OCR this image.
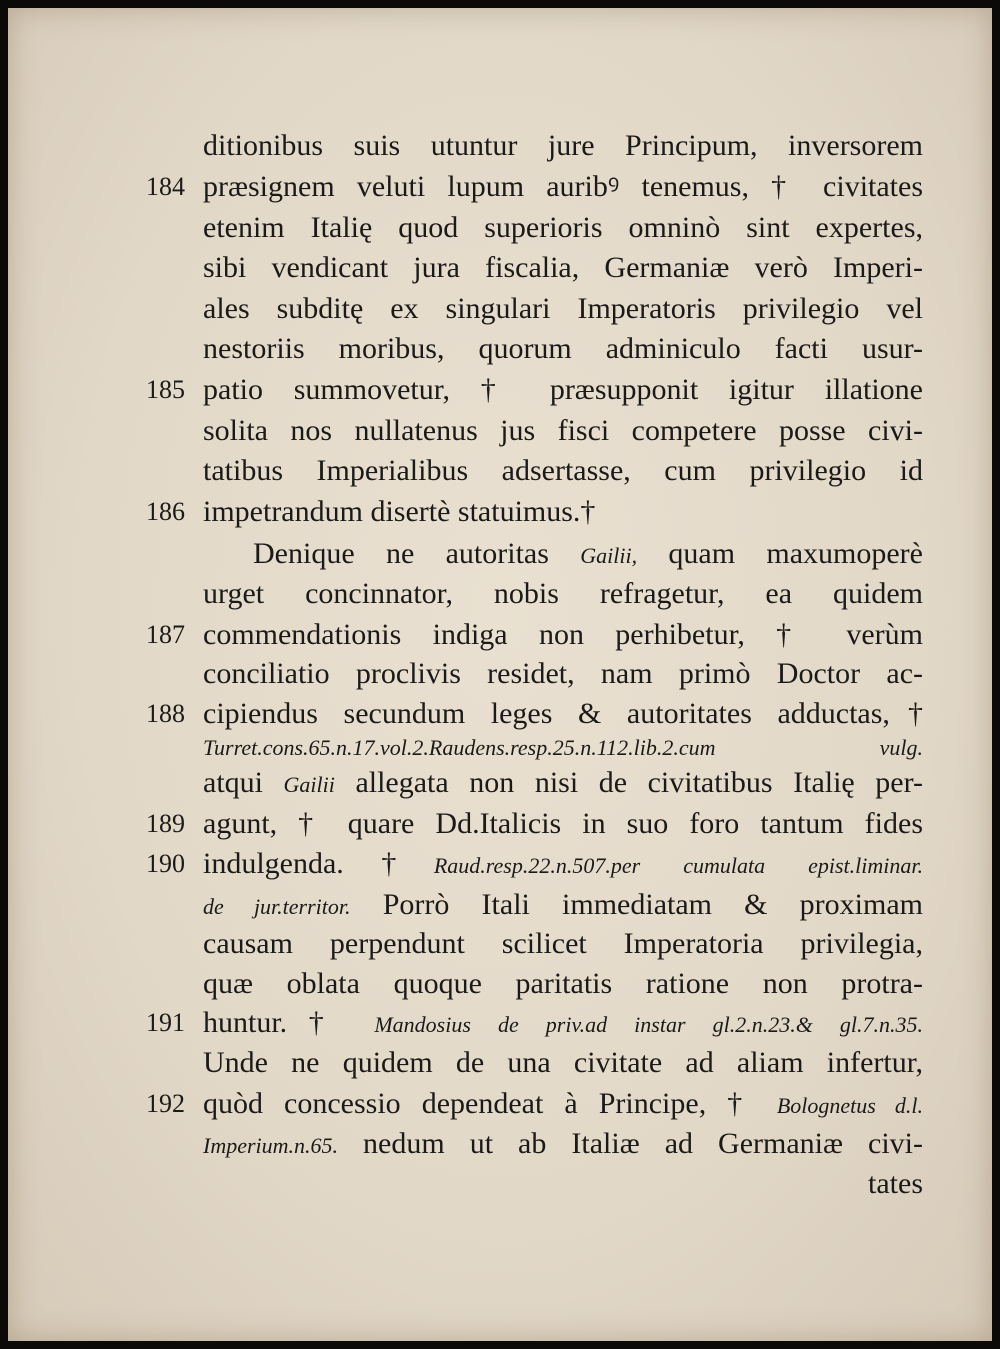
ditionibus suis utuntur jure Principum, inversorem
184 præsignem veluti lupum auribꝰ tenemus, † civitates
etenim Italię quod superioris omninò sint expertes,
sibi vendicant jura fiscalia, Germaniæ verò Imperi-
ales subditę ex singulari Imperatoris privilegio vel
nestoriis moribus, quorum adminiculo facti usur-
185 patio summovetur, † præsupponit igitur illatione
solita nos nullatenus jus fisci competere posse civi-
tatibus Imperialibus adsertasse, cum privilegio id
186 impetrandum disertè statuimus.†
Denique ne autoritas Gailii, quam maxumoperè
urget concinnator, nobis refragetur, ea quidem
187 commendationis indiga non perhibetur, † verùm
conciliatio proclivis residet, nam primò Doctor ac-
188 cipiendus secundum leges & autoritates adductas,†
Turret.cons.65.n.17.vol.2.Raudens.resp.25.n.112.lib.2.cum vulg.
atqui Gailii allegata non nisi de civitatibus Italię per-
189 agunt, † quare Dd.Italicis in suo foro tantum fides
190 indulgenda.†Raud.resp.22.n.507.per cumulata epist.liminar.
de jur.territor. Porrò Itali immediatam & proximam
causam perpendunt scilicet Imperatoria privilegia,
quæ oblata quoque paritatis ratione non protra-
191 huntur.† Mandosius de priv.ad instar gl.2.n.23.& gl.7.n.35.
Unde ne quidem de una civitate ad aliam infertur,
192 quòd concessio dependeat à Principe, † Bolognetus d.l.
Imperium.n.65. nedum ut ab Italiæ ad Germaniæ civi-
tates
